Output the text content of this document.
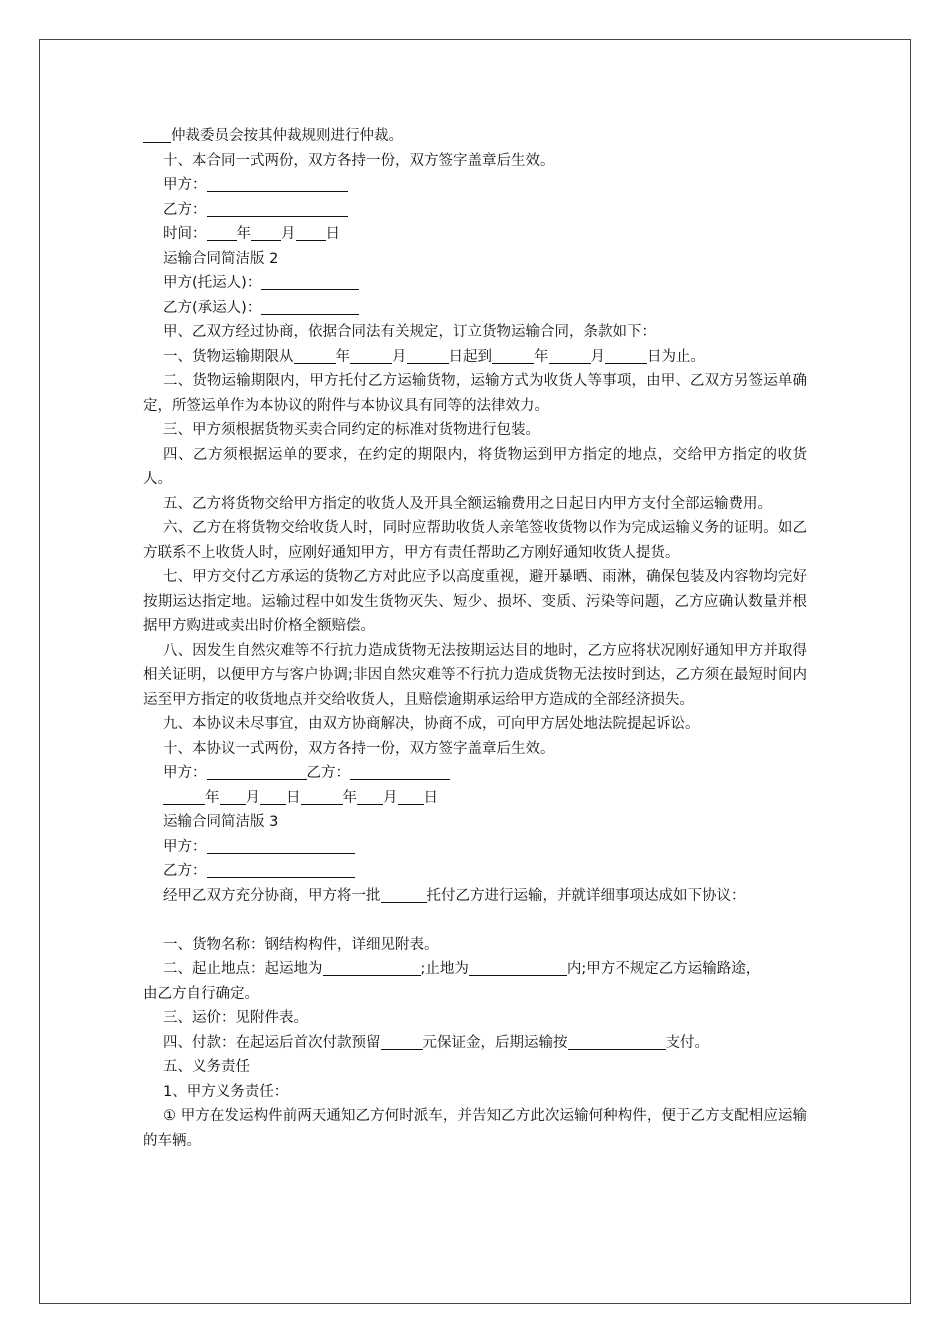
仲裁委员会按其仲裁规则进行仲裁。

十、本合同一式两份，双方各持一份，双方签字盖章后生效。

甲方：

乙方：

时间： 年 月 日

运输合同简洁版 2

甲方(托运人)：

乙方(承运人)：

甲、乙双方经过协商，依据合同法有关规定，订立货物运输合同，条款如下：

一、货物运输期限从	年	月	日起到	年	月	日为止。

二、货物运输期限内，甲方托付乙方运输货物，运输方式为收货人等事项，由甲、乙双方另签运单确定，所签运单作为本协议的附件与本协议具有同等的法律效力。

三、甲方须根据货物买卖合同约定的标准对货物进行包装。

四、乙方须根据运单的要求，在约定的期限内，将货物运到甲方指定的地点，交给甲方指定的收货人。

五、乙方将货物交给甲方指定的收货人及开具全额运输费用之日起日内甲方支付全部运输费用。

六、乙方在将货物交给收货人时，同时应帮助收货人亲笔签收货物以作为完成运输义务的证明。如乙方联系不上收货人时，应刚好通知甲方，甲方有责任帮助乙方刚好通知收货人提货。

七、甲方交付乙方承运的货物乙方对此应予以高度重视，避开暴晒、雨淋，确保包装及内容物均完好按期运达指定地。运输过程中如发生货物灭失、短少、损坏、变质、污染等问题，乙方应确认数量并根据甲方购进或卖出时价格全额赔偿。

八、因发生自然灾难等不行抗力造成货物无法按期运达目的地时，乙方应将状况刚好通知甲方并取得相关证明，以便甲方与客户协调;非因自然灾难等不行抗力造成货物无法按时到达，乙方须在最短时间内运至甲方指定的收货地点并交给收货人，且赔偿逾期承运给甲方造成的全部经济损失。

九、本协议未尽事宜，由双方协商解决，协商不成，可向甲方居处地法院提起诉讼。

十、本协议一式两份，双方各持一份，双方签字盖章后生效。

甲方：	乙方：

年 月 日	年 月 日

运输合同简洁版 3

甲方：

乙方：

经甲乙双方充分协商，甲方将一批	托付乙方进行运输，并就详细事项达成如下协议：

一、货物名称：钢结构构件，详细见附表。

二、起止地点：起运地为	;止地为	内;甲方不规定乙方运输路途，

由乙方自行确定。

三、运价：见附件表。

四、付款：在起运后首次付款预留	元保证金，后期运输按	支付。

五、义务责任

1、甲方义务责任：

① 甲方在发运构件前两天通知乙方何时派车，并告知乙方此次运输何种构件，便于乙方支配相应运输的车辆。
